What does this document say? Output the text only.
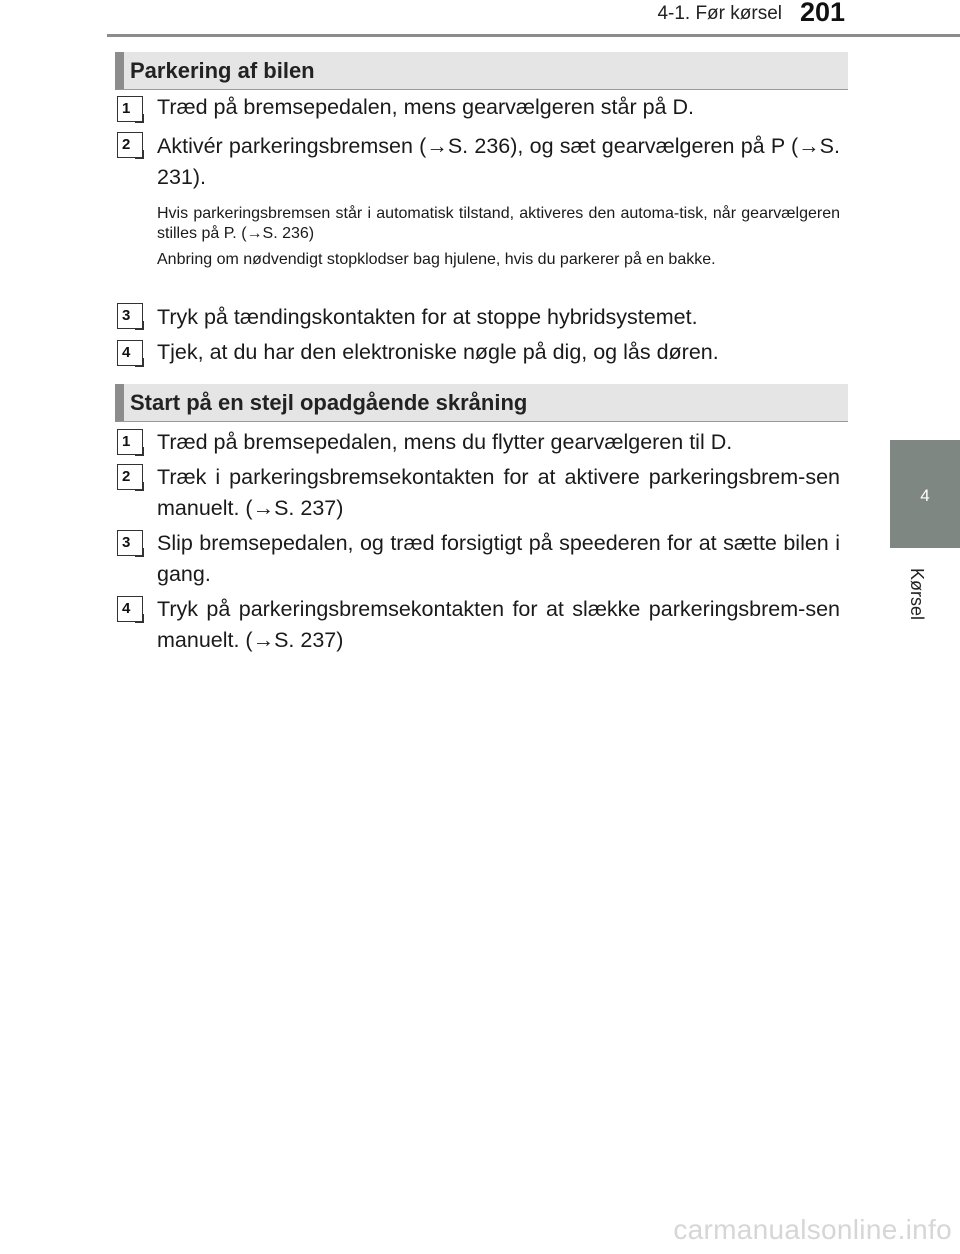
4-1. Før kørsel 201
4
Kørsel
Parkering af bilen
1	Træd på bremsepedalen, mens gearvælgeren står på D.
2	Aktivér parkeringsbremsen (→S. 236), og sæt gearvælgeren på P (→S. 231).
Hvis parkeringsbremsen står i automatisk tilstand, aktiveres den automa-tisk, når gearvælgeren stilles på P. (→S. 236)
Anbring om nødvendigt stopklodser bag hjulene, hvis du parkerer på en bakke.
3	Tryk på tændingskontakten for at stoppe hybridsystemet.
4	Tjek, at du har den elektroniske nøgle på dig, og lås døren.
Start på en stejl opadgående skråning
1	Træd på bremsepedalen, mens du flytter gearvælgeren til D.
2	Træk i parkeringsbremsekontakten for at aktivere parkeringsbrem-sen manuelt. (→S. 237)
3	Slip bremsepedalen, og træd forsigtigt på speederen for at sætte bilen i gang.
4	Tryk på parkeringsbremsekontakten for at slække parkeringsbrem-sen manuelt. (→S. 237)
carmanualsonline.info
